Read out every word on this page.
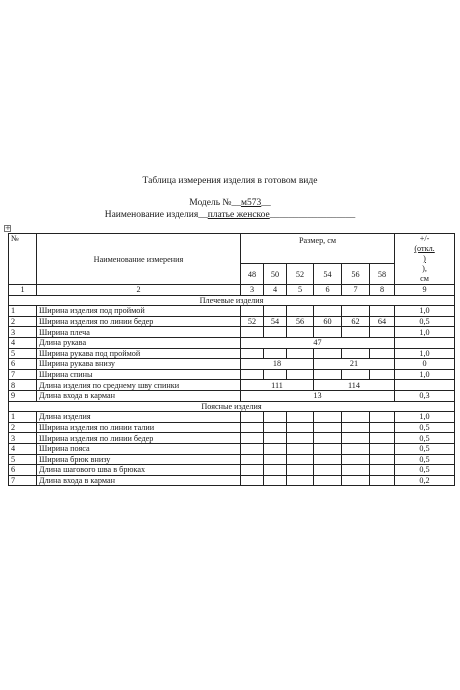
Таблица измерения изделия в готовом виде
Модель №__м573__
Наименование изделия__платье женское__________________
+
№	Наименование измерения	Размер, см						+/-
(откл.
)
),
см
		48	50	52	54	56	58	
1	2	3	4	5	6	7	8	9
Плечевые изделия								
1	Ширина изделия под проймой							1,0
2	Ширина изделия по линии бедер	52	54	56	60	62	64	0,5
3	Ширина плеча							1,0
4	Длина рукава	47						
5	Ширина рукава под проймой							1,0
6	Ширина рукава внизу	18			21			0
7	Ширина спины							1,0
8	Длина изделия по среднему шву спинки	111			114			
9	Длина входа в карман	13						0,3
Поясные изделия								
1	Длина изделия							1,0
2	Ширина изделия по линии талии							0,5
3	Ширина изделия по линии бедер							0,5
4	Ширина пояса							0,5
5	Ширина брюк внизу							0,5
6	Длина шагового шва в брюках							0,5
7	Длина входа в карман							0,2
